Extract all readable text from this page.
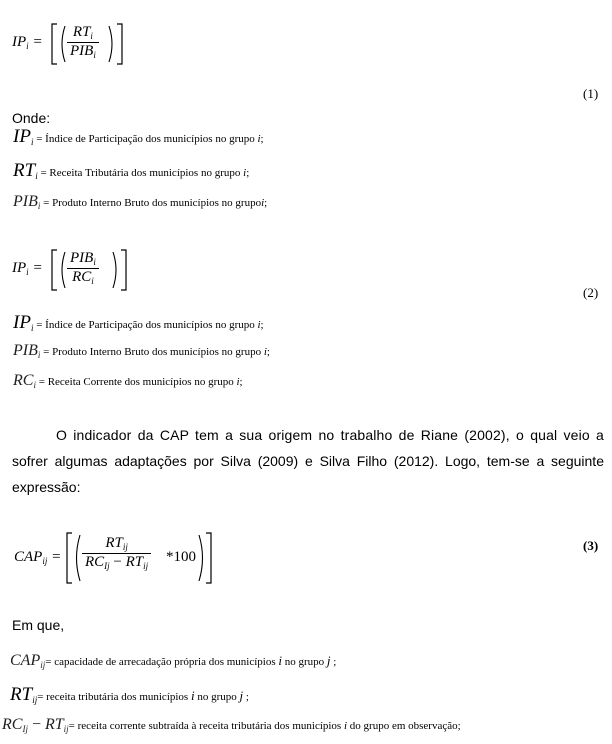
$IP_i$ =
$RT_i$
$PIB_i$
(1)
Onde:
$IP_i$ = Índice de Participação dos municípios no grupo i;
$RT_i$ = Receita Tributária dos municípios no grupo i;
$PIB_i$ = Produto Interno Bruto dos municípios no grupoi;
$IP_i$ =
$PIB_i$
$RC_i$
(2)
$IP_i$ = Índice de Participação dos municípios no grupo i;
$PIB_i$ = Produto Interno Bruto dos municípios no grupo i;
$RC_i$ = Receita Corrente dos municípios no grupo i;
O indicador da CAP tem a sua origem no trabalho de Riane (2002), o qual veio a
sofrer algumas adaptações por Silva (2009) e Silva Filho (2012). Logo, tem-se a seguinte
expressão:
$CAP_{ij}$ =
$RT_{ij}$
$RC_{Ij} - RT_{ij}$
*100
(3)
Em que,
$CAP_{ij}=$ capacidade de arrecadação própria dos municípios i no grupo j ;
$RT_{ij}=$ receita tributária dos municípios i no grupo j ;
$RC_{Ij} - RT_{ij}=$ receita corrente subtraída à receita tributária dos municípios i do grupo em observação;
